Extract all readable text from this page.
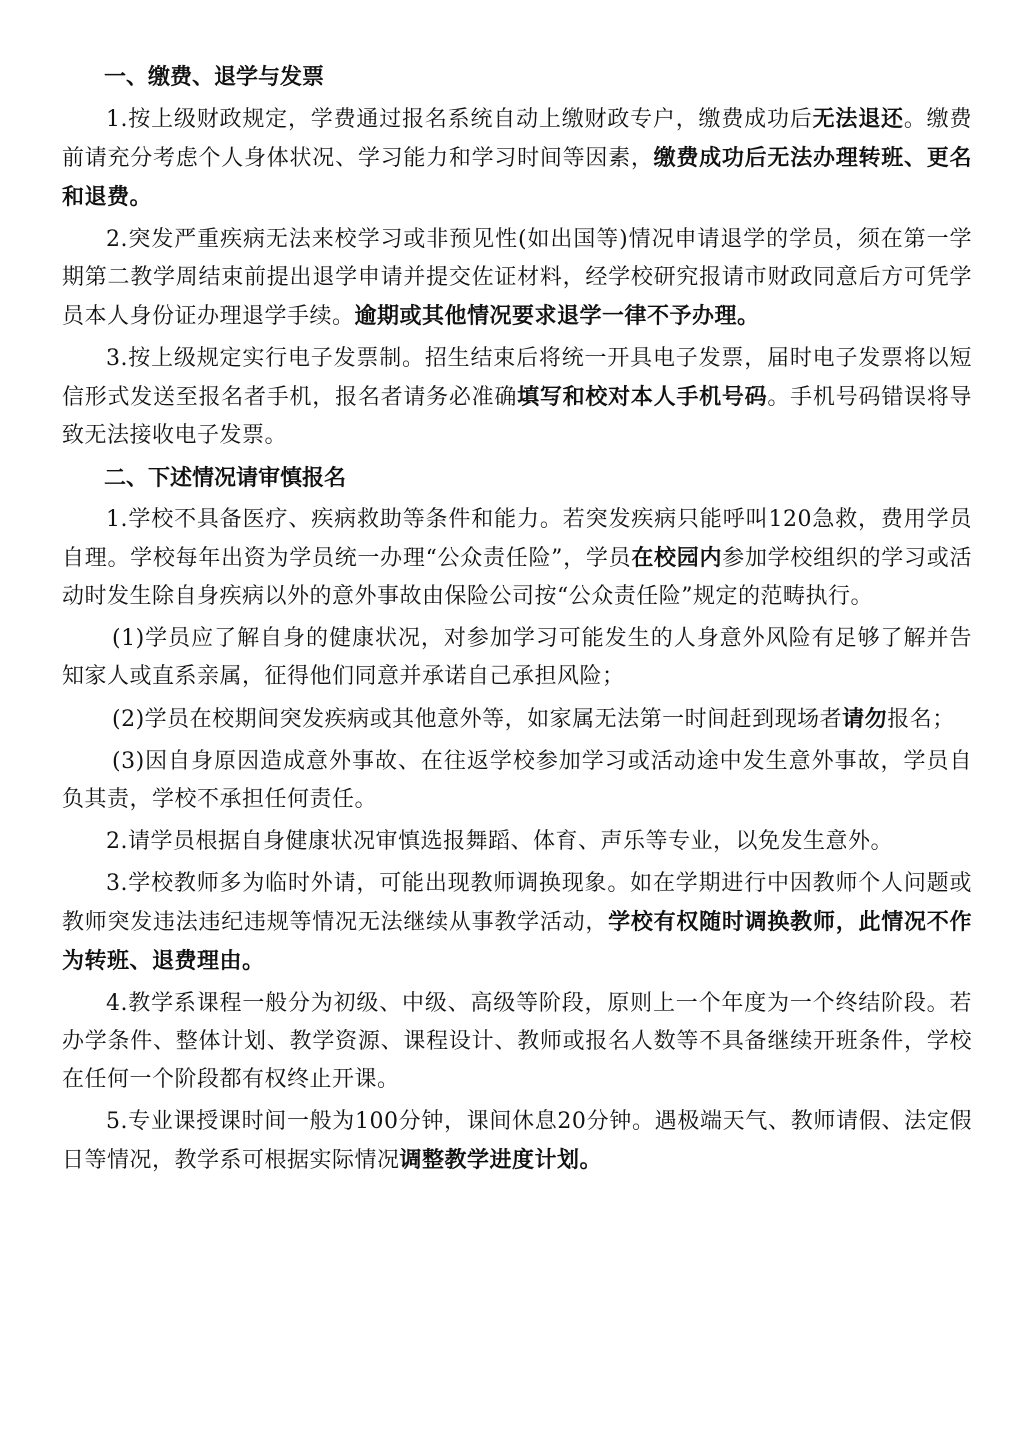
一、缴费、退学与发票

1.按上级财政规定，学费通过报名系统自动上缴财政专户，缴费成功后无法退还。缴费前请充分考虑个人身体状况、学习能力和学习时间等因素，缴费成功后无法办理转班、更名和退费。

2.突发严重疾病无法来校学习或非预见性(如出国等)情况申请退学的学员，须在第一学期第二教学周结束前提出退学申请并提交佐证材料，经学校研究报请市财政同意后方可凭学员本人身份证办理退学手续。逾期或其他情况要求退学一律不予办理。

3.按上级规定实行电子发票制。招生结束后将统一开具电子发票，届时电子发票将以短信形式发送至报名者手机，报名者请务必准确填写和校对本人手机号码。手机号码错误将导致无法接收电子发票。

二、下述情况请审慎报名

1.学校不具备医疗、疾病救助等条件和能力。若突发疾病只能呼叫120急救，费用学员自理。学校每年出资为学员统一办理“公众责任险”，学员在校园内参加学校组织的学习或活动时发生除自身疾病以外的意外事故由保险公司按“公众责任险”规定的范畴执行。

(1)学员应了解自身的健康状况，对参加学习可能发生的人身意外风险有足够了解并告知家人或直系亲属，征得他们同意并承诺自己承担风险；

(2)学员在校期间突发疾病或其他意外等，如家属无法第一时间赶到现场者请勿报名；

(3)因自身原因造成意外事故、在往返学校参加学习或活动途中发生意外事故，学员自负其责，学校不承担任何责任。

2.请学员根据自身健康状况审慎选报舞蹈、体育、声乐等专业，以免发生意外。

3.学校教师多为临时外请，可能出现教师调换现象。如在学期进行中因教师个人问题或教师突发违法违纪违规等情况无法继续从事教学活动，学校有权随时调换教师，此情况不作为转班、退费理由。

4.教学系课程一般分为初级、中级、高级等阶段，原则上一个年度为一个终结阶段。若办学条件、整体计划、教学资源、课程设计、教师或报名人数等不具备继续开班条件，学校在任何一个阶段都有权终止开课。

5.专业课授课时间一般为100分钟，课间休息20分钟。遇极端天气、教师请假、法定假日等情况，教学系可根据实际情况调整教学进度计划。
